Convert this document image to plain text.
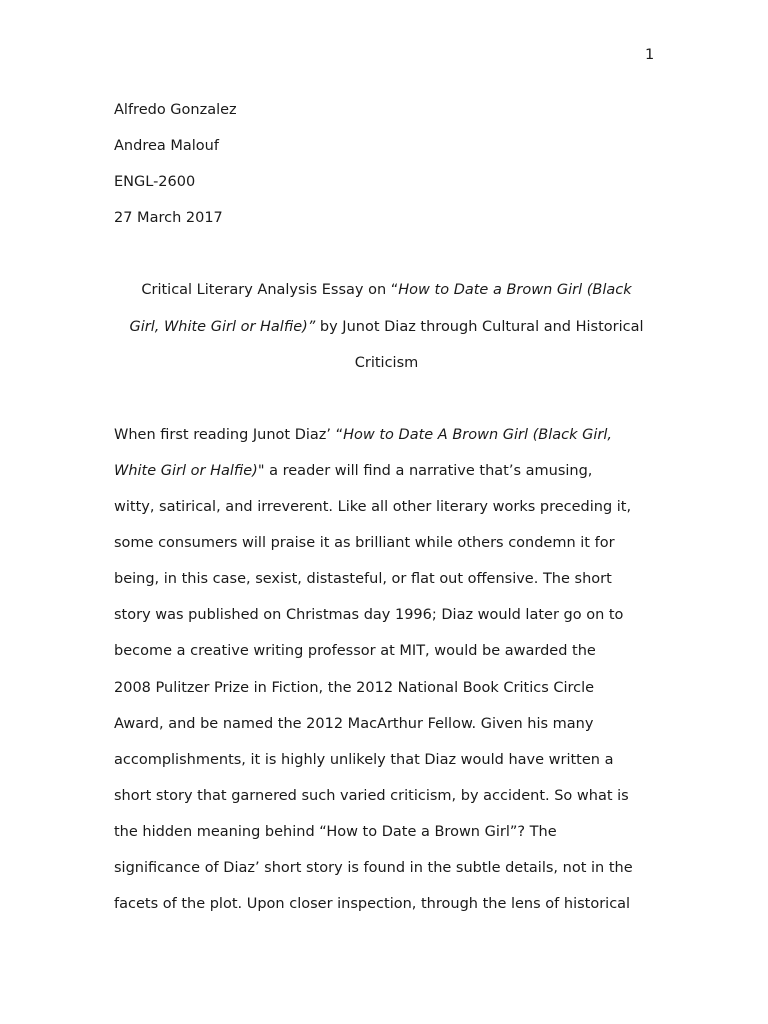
1
Alfredo Gonzalez
Andrea Malouf
ENGL-2600
27 March 2017
Critical Literary Analysis Essay on “How to Date a Brown Girl (Black
Girl, White Girl or Halfie)” by Junot Diaz through Cultural and Historical
Criticism
When first reading Junot Diaz’ “How to Date A Brown Girl (Black Girl,
White Girl or Halfie)" a reader will find a narrative that’s amusing,
witty, satirical, and irreverent. Like all other literary works preceding it,
some consumers will praise it as brilliant while others condemn it for
being, in this case, sexist, distasteful, or flat out offensive. The short
story was published on Christmas day 1996; Diaz would later go on to
become a creative writing professor at MIT, would be awarded the
2008 Pulitzer Prize in Fiction, the 2012 National Book Critics Circle
Award, and be named the 2012 MacArthur Fellow. Given his many
accomplishments, it is highly unlikely that Diaz would have written a
short story that garnered such varied criticism, by accident. So what is
the hidden meaning behind “How to Date a Brown Girl”? The
significance of Diaz’ short story is found in the subtle details, not in the
facets of the plot. Upon closer inspection, through the lens of historical
